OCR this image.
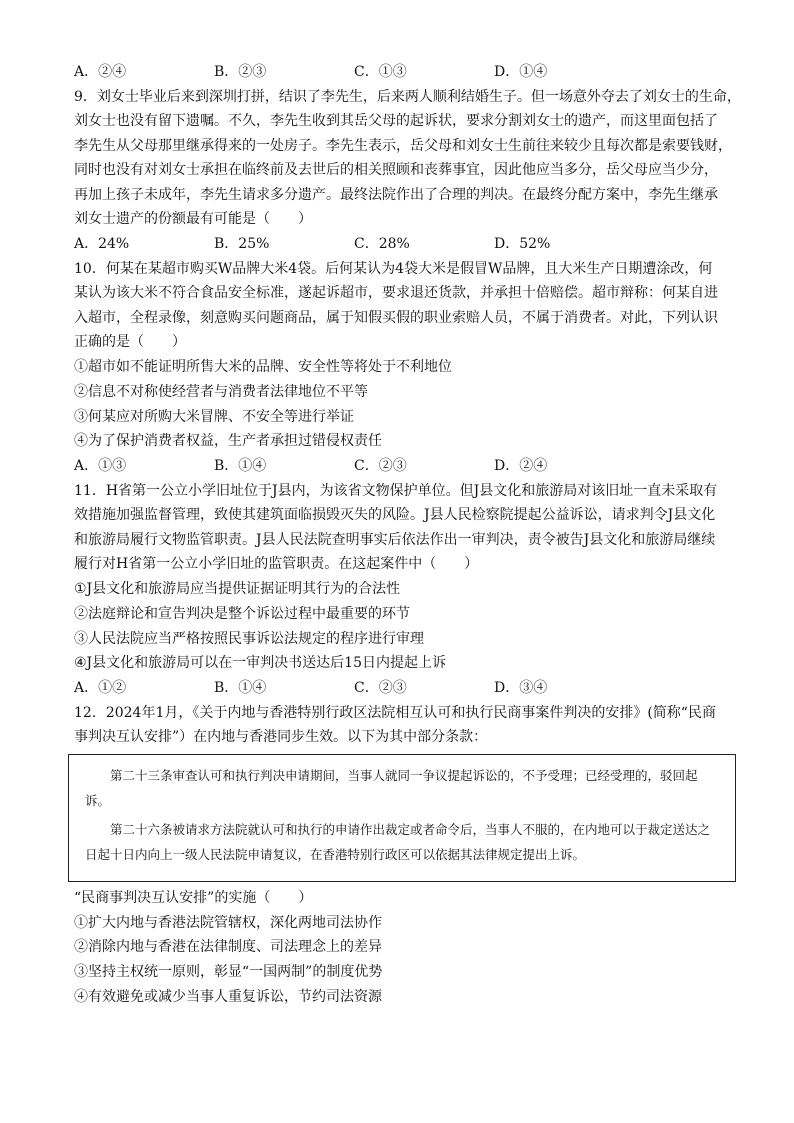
A．②④	B．②③	C．①③	D．①④

9．刘女士毕业后来到深圳打拼，结识了李先生，后来两人顺利结婚生子。但一场意外夺去了刘女士的生命，

刘女士也没有留下遗嘱。不久，李先生收到其岳父母的起诉状，要求分割刘女士的遗产，而这里面包括了

李先生从父母那里继承得来的一处房子。李先生表示，岳父母和刘女士生前往来较少且每次都是索要钱财，

同时也没有对刘女士承担在临终前及去世后的相关照顾和丧葬事宜，因此他应当多分，岳父母应当少分，

再加上孩子未成年，李先生请求多分遗产。最终法院作出了合理的判决。在最终分配方案中，李先生继承

刘女士遗产的份额最有可能是（　　）

A．24%	B．25%	C．28%	D．52%

10．何某在某超市购买W品牌大米4袋。后何某认为4袋大米是假冒W品牌，且大米生产日期遭涂改，何

某认为该大米不符合食品安全标准，遂起诉超市，要求退还货款，并承担十倍赔偿。超市辩称：何某自进

入超市，全程录像，刻意购买问题商品，属于知假买假的职业索赔人员，不属于消费者。对此，下列认识

正确的是（　　）

①超市如不能证明所售大米的品牌、安全性等将处于不利地位
②信息不对称使经营者与消费者法律地位不平等
③何某应对所购大米冒牌、不安全等进行举证
④为了保护消费者权益，生产者承担过错侵权责任
A．①③	B．①④	C．②③	D．②④

11．H省第一公立小学旧址位于J县内，为该省文物保护单位。但J县文化和旅游局对该旧址一直未采取有

效措施加强监督管理，致使其建筑面临损毁灭失的风险。J县人民检察院提起公益诉讼，请求判令J县文化

和旅游局履行文物监管职责。J县人民法院查明事实后依法作出一审判决，责令被告J县文化和旅游局继续

履行对H省第一公立小学旧址的监管职责。在这起案件中（　　）

①J县文化和旅游局应当提供证据证明其行为的合法性
②法庭辩论和宣告判决是整个诉讼过程中最重要的环节
③人民法院应当严格按照民事诉讼法规定的程序进行审理
④J县文化和旅游局可以在一审判决书送达后15日内提起上诉
A．①②	B．①④	C．②③	D．③④

12．2024年1月，《关于内地与香港特别行政区法院相互认可和执行民商事案件判决的安排》(简称“民商

事判决互认安排”）在内地与香港同步生效。以下为其中部分条款：

第二十三条审查认可和执行判决申请期间，当事人就同一争议提起诉讼的，不予受理；已经受理的，驳回起诉。

第二十六条被请求方法院就认可和执行的申请作出裁定或者命令后，当事人不服的，在内地可以于裁定送达之日起十日内向上一级人民法院申请复议，在香港特别行政区可以依据其法律规定提出上诉。

“民商事判决互认安排”的实施（　　）
①扩大内地与香港法院管辖权，深化两地司法协作
②消除内地与香港在法律制度、司法理念上的差异
③坚持主权统一原则，彰显“一国两制”的制度优势
④有效避免或减少当事人重复诉讼，节约司法资源
